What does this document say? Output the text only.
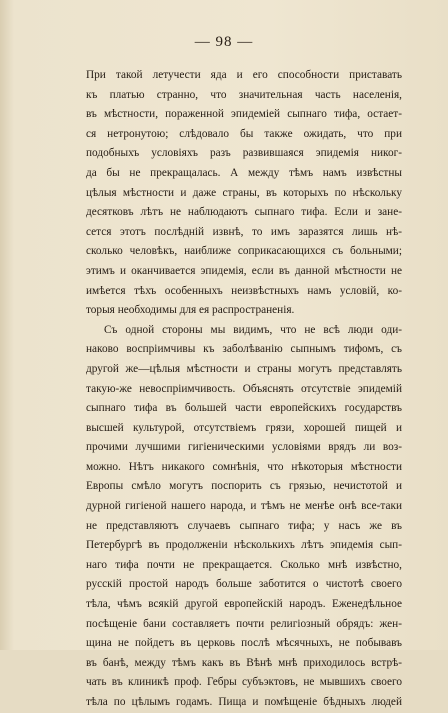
— 98 —
При такой летучести яда и его способности приставать
къ платью странно, что значительная часть населенія,
въ мѣстности, пораженной эпидеміей сыпнаго тифа, остает-
ся нетронутою; слѣдовало бы также ожидать, что при
подобныхъ условіяхъ разъ развившаяся эпидемія никог-
да бы не прекращалась. А между тѣмъ намъ извѣстны
цѣлыя мѣстности и даже страны, въ которыхъ по нѣскольку
десятковъ лѣтъ не наблюдаютъ сыпнаго тифа. Если и зане-
сется этотъ послѣдній извнѣ, то имъ заразятся лишь нѣ-
сколько человѣкъ, наиближе соприкасающихся съ больными;
этимъ и оканчивается эпидемія, если въ данной мѣстности не
имѣется тѣхъ особенныхъ неизвѣстныхъ намъ условій, ко-
торыя необходимы для ея распространенія.
Съ одной стороны мы видимъ, что не всѣ люди оди-
наково воспріимчивы къ заболѣванію сыпнымъ тифомъ, съ
другой же—цѣлыя мѣстности и страны могутъ представлять
такую-же невоспріимчивость. Объяснять отсутствіе эпидемій
сыпнаго тифа въ большей части европейскихъ государствъ
высшей культурой, отсутствіемъ грязи, хорошей пищей и
прочими лучшими гигіеническими условіями врядъ ли воз-
можно. Нѣтъ никакого сомнѣнія, что нѣкоторыя мѣстности
Европы смѣло могутъ поспорить съ грязью, нечистотой и
дурной гигіеной нашего народа, и тѣмъ не менѣе онѣ все-таки
не представляютъ случаевъ сыпнаго тифа; у насъ же въ
Петербургѣ въ продолженіи нѣсколькихъ лѣтъ эпидемія сып-
наго тифа почти не прекращается. Сколько мнѣ извѣстно,
русскій простой народъ больше заботится о чистотѣ своего
тѣла, чѣмъ всякій другой европейскій народъ. Еженедѣльное
посѣщеніе бани составляетъ почти религіозный обрядъ: жен-
щина не пойдетъ въ церковь послѣ мѣсячныхъ, не побывавъ
въ банѣ, между тѣмъ какъ въ Вѣнѣ мнѣ приходилось встрѣ-
чать въ клиникѣ проф. Гебры субъэктовъ, не мывшихъ своего
тѣла по цѣлымъ годамъ. Пища и помѣщеніе бѣдныхъ людей
